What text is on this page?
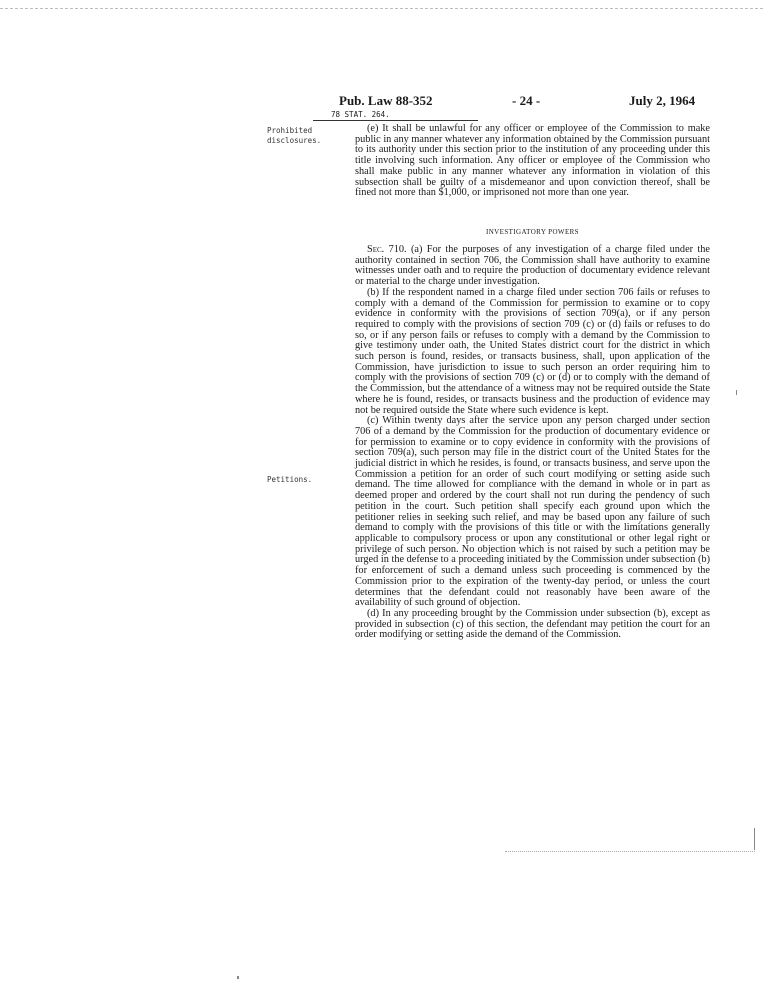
Pub. Law 88-352	- 24 -	July 2, 1964
78 STAT. 264.
Prohibited disclosures.

(e) It shall be unlawful for any officer or employee of the Commission to make public in any manner whatever any information obtained by the Commission pursuant to its authority under this section prior to the institution of any proceeding under this title involving such information. Any officer or employee of the Commission who shall make public in any manner whatever any information in violation of this subsection shall be guilty of a misdemeanor and upon conviction thereof, shall be fined not more than $1,000, or imprisoned not more than one year.

INVESTIGATORY POWERS

Sec. 710. (a) For the purposes of any investigation of a charge filed under the authority contained in section 706, the Commission shall have authority to examine witnesses under oath and to require the production of documentary evidence relevant or material to the charge under investigation.

(b) If the respondent named in a charge filed under section 706 fails or refuses to comply with a demand of the Commission for permission to examine or to copy evidence in conformity with the provisions of section 709(a), or if any person required to comply with the provisions of section 709 (c) or (d) fails or refuses to do so, or if any person fails or refuses to comply with a demand by the Commission to give testimony under oath, the United States district court for the district in which such person is found, resides, or transacts business, shall, upon application of the Commission, have jurisdiction to issue to such person an order requiring him to comply with the provisions of section 709 (c) or (d) or to comply with the demand of the Commission, but the attendance of a witness may not be required outside the State where he is found, resides, or transacts business and the production of evidence may not be required outside the State where such evidence is kept.

(c) Within twenty days after the service upon any person charged under section 706 of a demand by the Commission for the production of documentary evidence or for permission to examine or to copy evidence in conformity with the provisions of section 709(a), such person may file in the district court of the United States for the judicial district in which he resides, is found, or transacts business, and serve upon the Commission a petition for an order of such court modifying or setting aside such demand. The time allowed for compliance with the demand in whole or in part as deemed proper and ordered by the court shall not run during the pendency of such petition in the court. Such petition shall specify each ground upon which the petitioner relies in seeking such relief, and may be based upon any failure of such demand to comply with the provisions of this title or with the limitations generally applicable to compulsory process or upon any constitutional or other legal right or privilege of such person. No objection which is not raised by such a petition may be urged in the defense to a proceeding initiated by the Commission under subsection (b) for enforcement of such a demand unless such proceeding is commenced by the Commission prior to the expiration of the twenty-day period, or unless the court determines that the defendant could not reasonably have been aware of the availability of such ground of objection.

(d) In any proceeding brought by the Commission under subsection (b), except as provided in subsection (c) of this section, the defendant may petition the court for an order modifying or setting aside the demand of the Commission.

Petitions.
